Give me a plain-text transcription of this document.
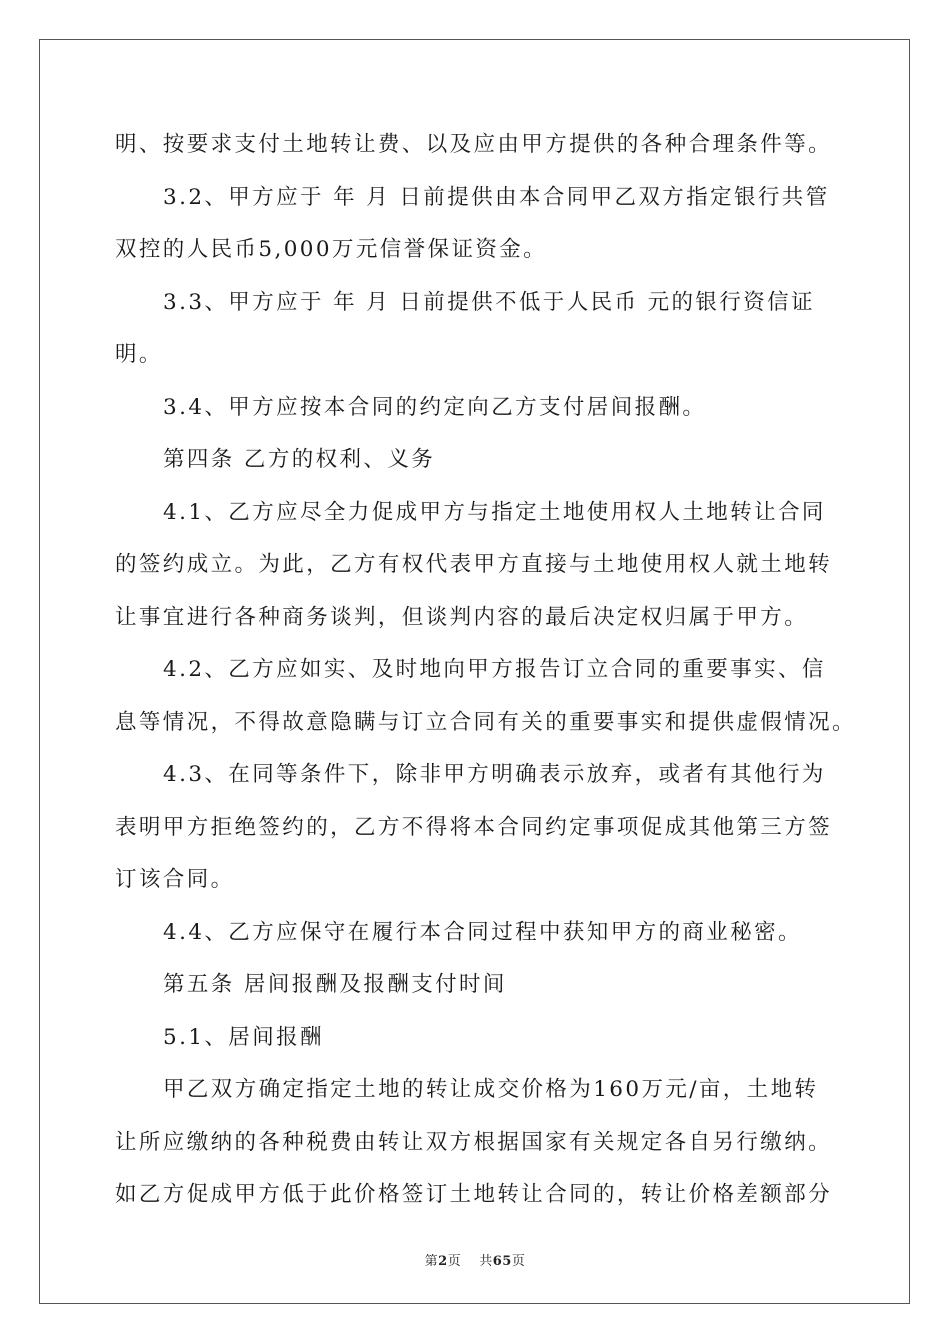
明、按要求支付土地转让费、以及应由甲方提供的各种合理条件等。
3.2、甲方应于 年 月 日前提供由本合同甲乙双方指定银行共管
双控的人民币5,000万元信誉保证资金。
3.3、甲方应于 年 月 日前提供不低于人民币 元的银行资信证
明。
3.4、甲方应按本合同的约定向乙方支付居间报酬。
第四条 乙方的权利、义务
4.1、乙方应尽全力促成甲方与指定土地使用权人土地转让合同
的签约成立。为此，乙方有权代表甲方直接与土地使用权人就土地转
让事宜进行各种商务谈判，但谈判内容的最后决定权归属于甲方。
4.2、乙方应如实、及时地向甲方报告订立合同的重要事实、信
息等情况，不得故意隐瞒与订立合同有关的重要事实和提供虚假情况。
4.3、在同等条件下，除非甲方明确表示放弃，或者有其他行为
表明甲方拒绝签约的，乙方不得将本合同约定事项促成其他第三方签
订该合同。
4.4、乙方应保守在履行本合同过程中获知甲方的商业秘密。
第五条 居间报酬及报酬支付时间
5.1、居间报酬
甲乙双方确定指定土地的转让成交价格为160万元/亩，土地转
让所应缴纳的各种税费由转让双方根据国家有关规定各自另行缴纳。
如乙方促成甲方低于此价格签订土地转让合同的，转让价格差额部分
第2页 共65页
